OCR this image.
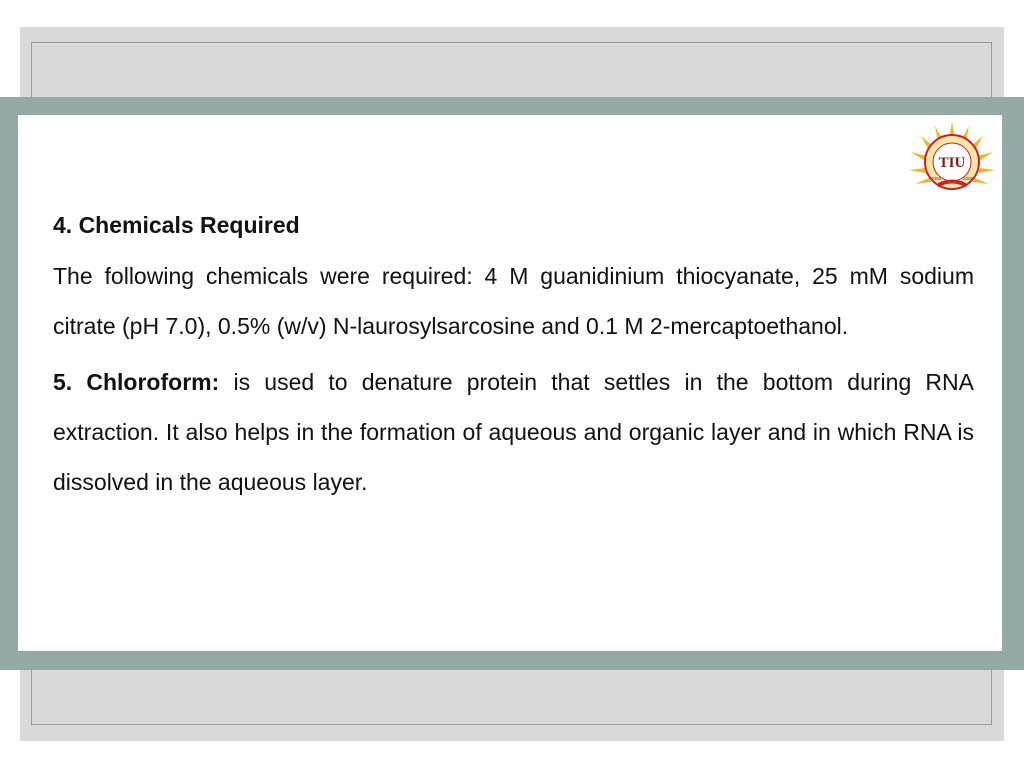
TIU
2006	2008
4. Chemicals Required

The following chemicals were required: 4 M guanidinium thiocyanate, 25 mM sodium citrate (pH 7.0), 0.5% (w/v) N-laurosylsarcosine and 0.1 M 2-mercaptoethanol.

5. Chloroform: is used to denature protein that settles in the bottom during RNA extraction. It also helps in the formation of aqueous and organic layer and in which RNA is dissolved in the aqueous layer.
